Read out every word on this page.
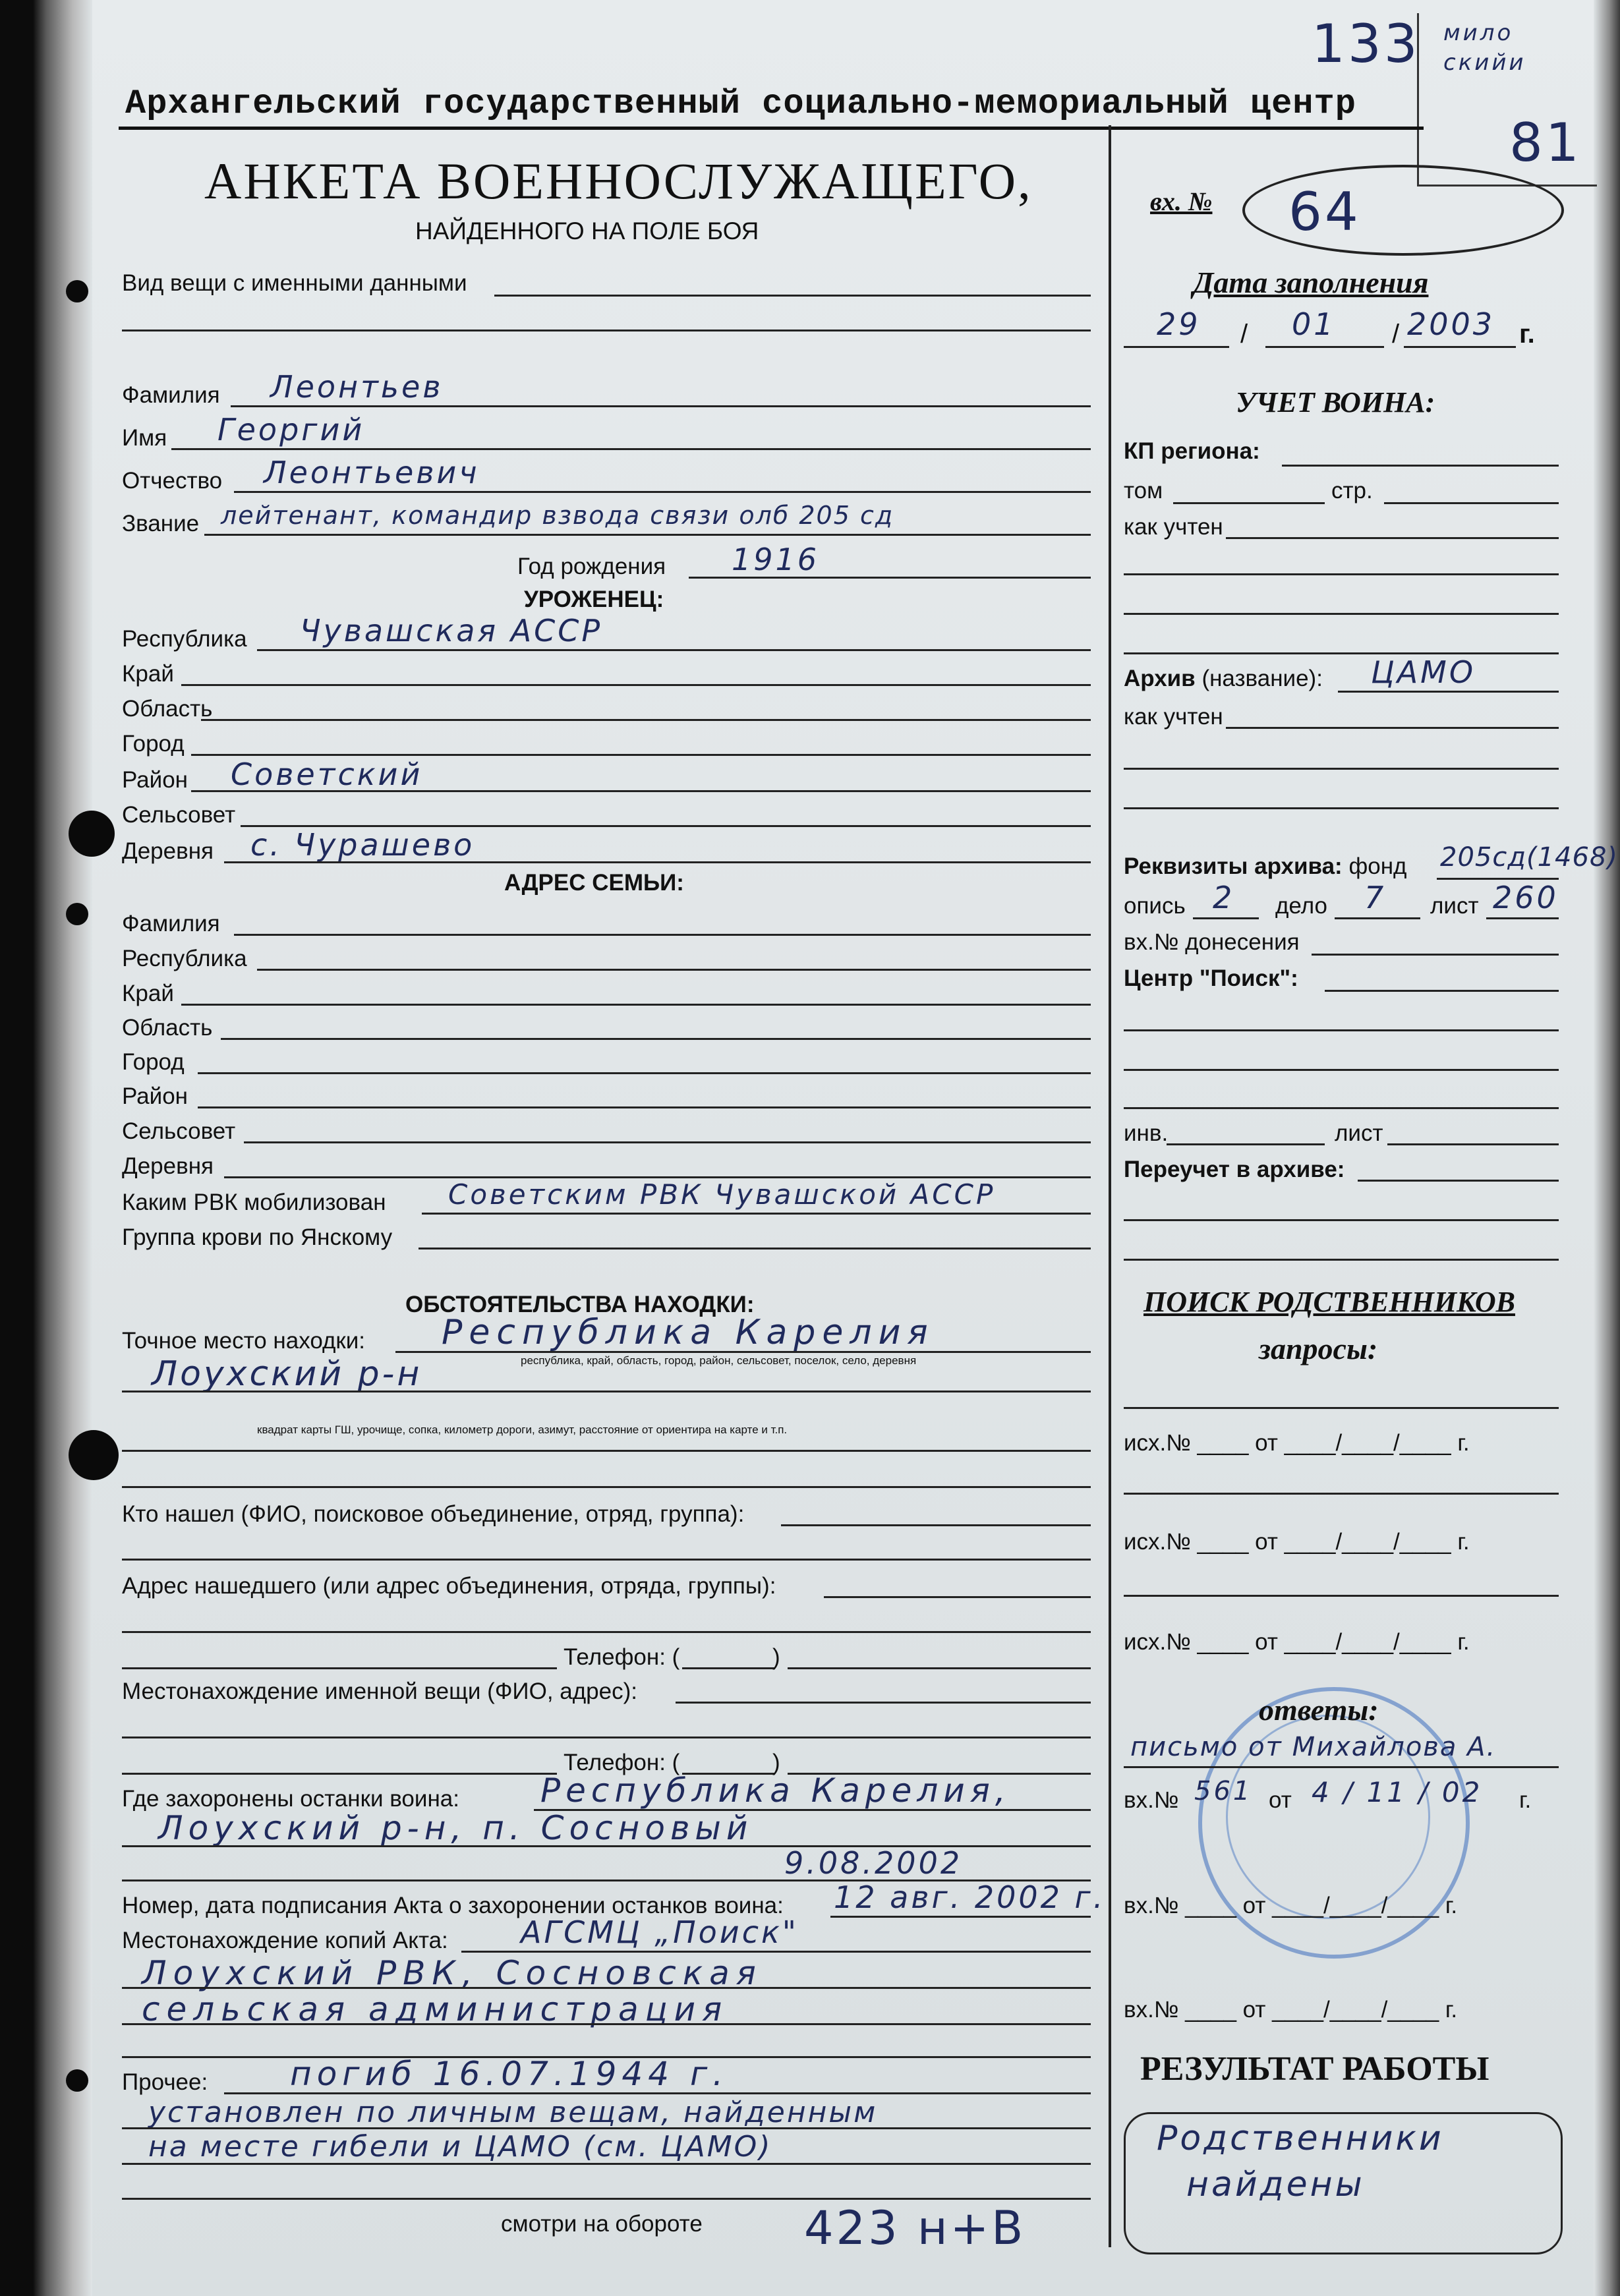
133 мило
скийи
81
Архангельский государственный социально-мемориальный центр
АНКЕТА ВОЕННОСЛУЖАЩЕГО,
НАЙДЕННОГО НА ПОЛЕ БОЯ
Вид вещи с именными данными
Фамилия Леонтьев
Имя Георгий
Отчество Леонтьевич
Звание лейтенант, командир взвода связи олб 205 сд
Год рождения 1916
УРОЖЕНЕЦ:
Республика Чувашская АССР
Край
Область
Город
Район Советский
Сельсовет
Деревня с. Чурашево
АДРЕС СЕМЬИ:
Фамилия
Республика
Край
Область
Город
Район
Сельсовет
Деревня
Каким РВК мобилизован Советским РВК Чувашской АССР
Группа крови по Янскому
ОБСТОЯТЕЛЬСТВА НАХОДКИ:
Точное место находки: Республика Карелия
республика, край, область, город, район, сельсовет, поселок, село, деревня
Лоухский р-н
квадрат карты ГШ, урочище, сопка, километр дороги, азимут, расстояние от ориентира на карте и т.п.
Кто нашел (ФИО, поисковое объединение, отряд, группа):
Адрес нашедшего (или адрес объединения, отряда, группы):
Телефон: (	)
Местонахождение именной вещи (ФИО, адрес):
Телефон: (	)
Где захоронены останки воина: Республика Карелия,
Лоухский р-н, п. Сосновый
9.08.2002
Номер, дата подписания Акта о захоронении останков воина: 12 авг. 2002 г.
Местонахождение копий Акта: АГСМЦ „Поиск"
Лоухский РВК, Сосновская
сельская администрация
Прочее: погиб 16.07.1944 г.
установлен по личным вещам, найденным
на месте гибели и ЦАМО (см. ЦАМО)
смотри на обороте 423 н+В
вх. № 64
Дата заполнения
29 / 01 / 2003 г.
УЧЕТ ВОИНА:
КП региона:
том	стр.
как учтен
Архив (название): ЦАМО
как учтен
Реквизиты архива: фонд 205сд(1468)
опись 2 дело 7 лист 260
вх.№ донесения
Центр "Поиск":
инв.	лист
Переучет в архиве:
ПОИСК РОДСТВЕННИКОВ
запросы:
исх.№ ____ от ____/____/____ г.
исх.№ ____ от ____/____/____ г.
исх.№ ____ от ____/____/____ г.
ответы:
письмо от Михайлова А.
вх.№ 561 от 4 / 11 / 02 г.
вх.№ ____ от ____/____/____ г.
вх.№ ____ от ____/____/____ г.
РЕЗУЛЬТАТ РАБОТЫ
Родственники
найдены
